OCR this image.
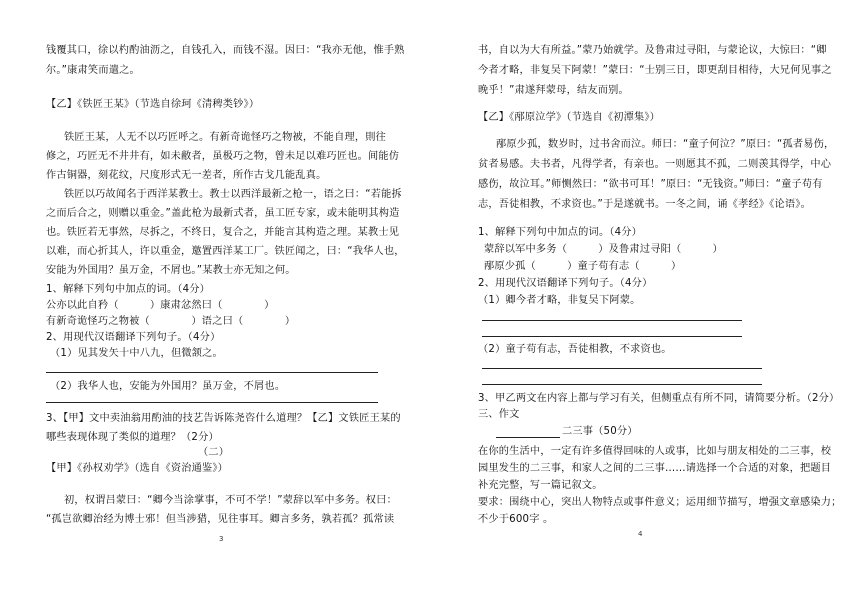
钱覆其口，徐以杓酌油沥之，自钱孔入，而钱不湿。因曰：“我亦无他，惟手熟
尔。”康肃笑而遣之。
【乙】《铁匠王某》（节选自徐珂《清稗类钞》）
铁匠王某，人无不以巧匠呼之。有新奇诡怪巧之物被，不能自理，則往
修之，巧匠无不井井有，如未敝者，虽极巧之物，曾未足以难巧匠也。间能仿
作古铜器，刻花纹，尺度形式无一差者，所作古戈几能乱真。
铁匠以巧故闻名于西洋某教士。教士以西洋最新之枪一，语之曰：“若能拆
之而后合之，则赠以重金。”盖此枪为最新式者，虽工匠专家，或未能明其构造
也。铁匠若无事然，尽拆之，不终日，复合之，并能言其构造之理。某教士见
以难，而心折其人，许以重金，邀置西洋某工厂。铁匠闻之，曰：“我华人也，
安能为外国用？虽万金，不屑也。”某教士亦无知之何。
1、解释下列句中加点的词。（4分）
公亦以此自矜（　　　）康肃忿然曰（　　　　）
有新奇诡怪巧之物被（　　　　）语之曰（　　　　）
2、用现代汉语翻译下列句子。（4分）
（1）见其发矢十中八九，但微颔之。
（2）我华人也，安能为外国用？虽万金，不屑也。
3、【甲】文中卖油翁用酌油的技艺告诉陈尧咨什么道理？【乙】文铁匠王某的
哪些表现体现了类似的道理？（2分）
（二）
【甲】《孙权劝学》（选自《资治通鉴》）
初，权谓吕蒙曰：“卿今当涂掌事，不可不学！”蒙辞以军中多务。权曰：
“孤岂欲卿治经为博士邪！但当涉猎，见往事耳。卿言多务，孰若孤？孤常读
3
书，自以为大有所益。”蒙乃始就学。及鲁肃过寻阳，与蒙论议，大惊曰：“卿
今者才略，非复吴下阿蒙！”蒙曰：“士别三日，即更刮目相待，大兄何见事之
晚乎！”肃遂拜蒙母，结友而别。
【乙】《邴原泣学》（节选自《初潭集》）
邴原少孤，数岁时，过书舍而泣。师曰：“童子何泣？”原曰：“孤者易伤，
贫者易感。夫书者，凡得学者，有亲也。一则愿其不孤，二则羡其得学，中心
感伤，故泣耳。”师恻然曰：“欲书可耳！”原曰：“无钱资。”师曰：“童子苟有
志，吾徒相教，不求资也。”于是遂就书。一冬之间，诵《孝经》《论语》。
1、解释下列句中加点的词。（4分）
蒙辞以军中多务（　　　）及鲁肃过寻阳（　　　）
邴原少孤（　　　）童子苟有志（　　　）
2、用现代汉语翻译下列句子。（4分）
（1）卿今者才略，非复吴下阿蒙。
（2）童子苟有志，吾徒相教，不求资也。
3、甲乙两文在内容上都与学习有关，但侧重点有所不同，请简要分析。（2分）
三、作文
二三事（50分）
在你的生活中，一定有许多值得回味的人或事，比如与朋友相处的二三事，校
园里发生的二三事，和家人之间的二三事……请选择一个合适的对象，把题目
补充完整，写一篇记叙文。
要求：围绕中心，突出人物特点或事件意义；运用细节描写，增强文章感染力；
不少于600字 。
4
